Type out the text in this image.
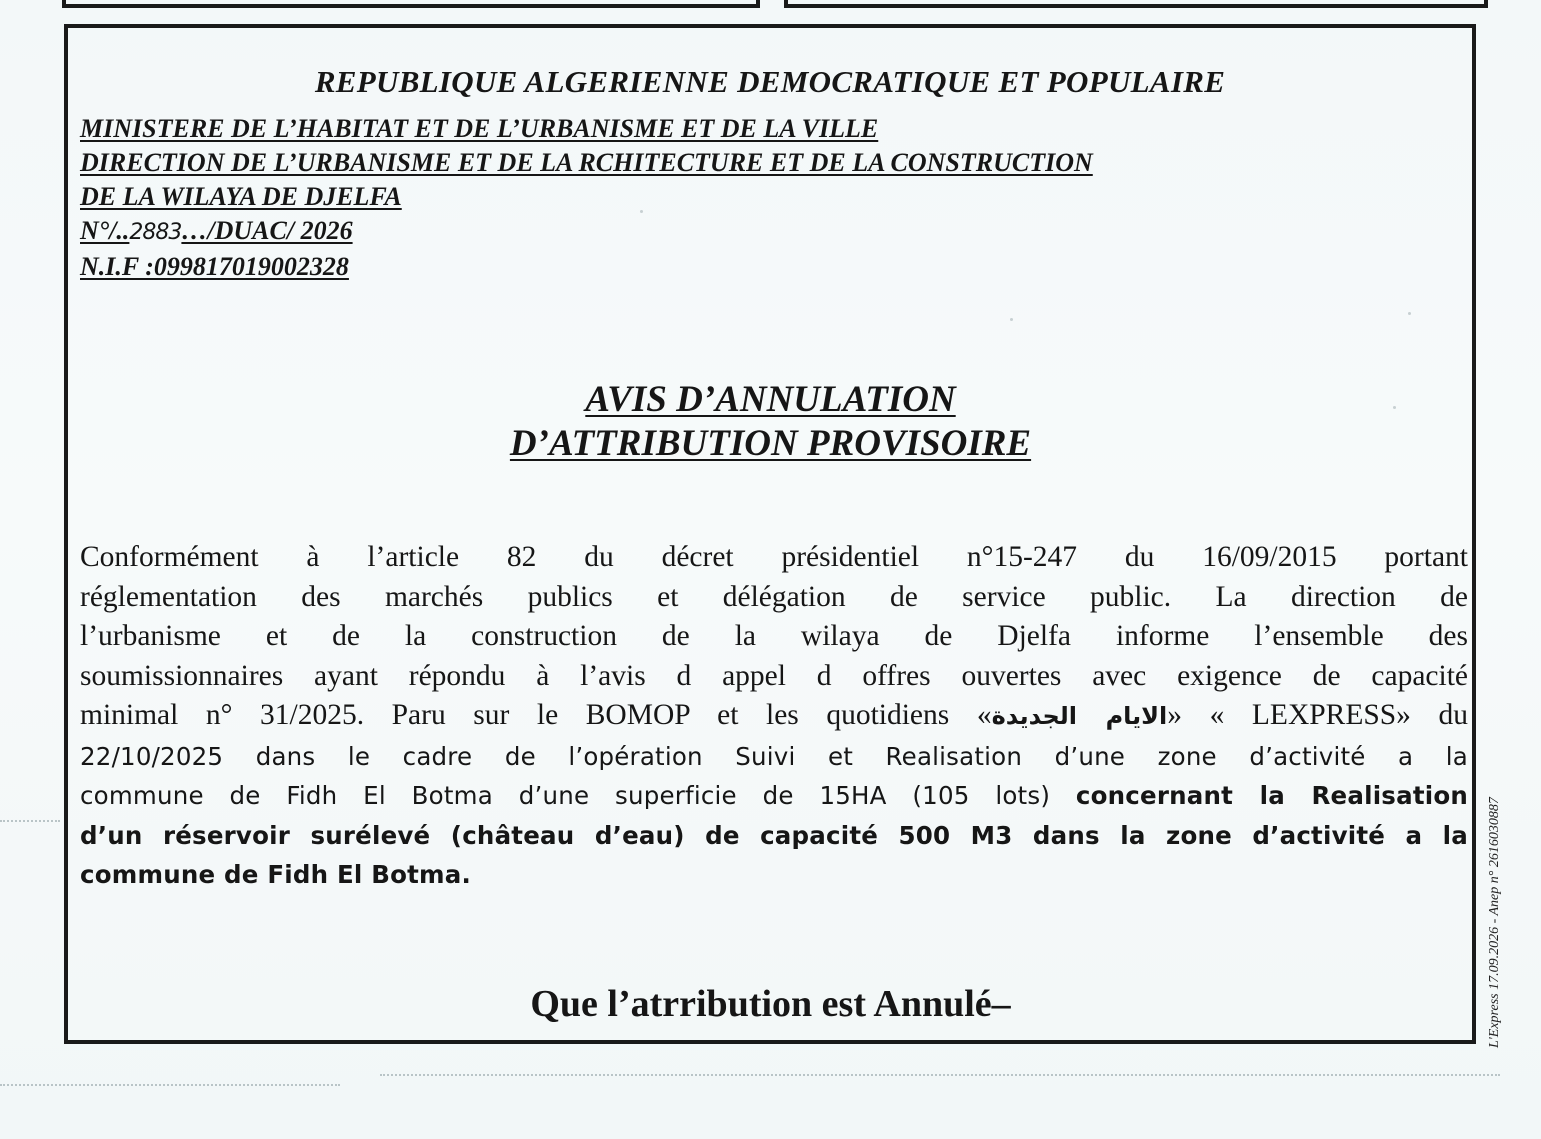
REPUBLIQUE ALGERIENNE DEMOCRATIQUE ET POPULAIRE
MINISTERE DE L’HABITAT ET DE L’URBANISME ET DE LA VILLE
DIRECTION DE L’URBANISME ET DE LA RCHITECTURE ET DE LA CONSTRUCTION
DE LA WILAYA DE DJELFA
N°/..2883…/DUAC/ 2026
N.I.F :099817019002328
AVIS D’ANNULATION
D’ATTRIBUTION PROVISOIRE
Conformément à l’article 82 du décret présidentiel n°15-247 du 16/09/2015 portant
réglementation des marchés publics et délégation de service public. La direction de
l’urbanisme et de la construction de la wilaya de Djelfa informe l’ensemble des
soumissionnaires ayant répondu à l’avis d appel d offres ouvertes avec exigence de capacité
minimal n° 31/2025. Paru sur le BOMOP et les quotidiens «الايام الجديدة» « LEXPRESS» du
22/10/2025 dans le cadre de l’opération Suivi et Realisation d’une zone d’activité a la
commune de Fidh El Botma d’une superficie de 15HA (105 lots) concernant la Realisation
d’un réservoir surélevé (château d’eau) de capacité 500 M3 dans la zone d’activité a la
commune de Fidh El Botma.
Que l’atrribution est Annulé–	L'Express 17.09.2026 - Anep n° 2616030887
